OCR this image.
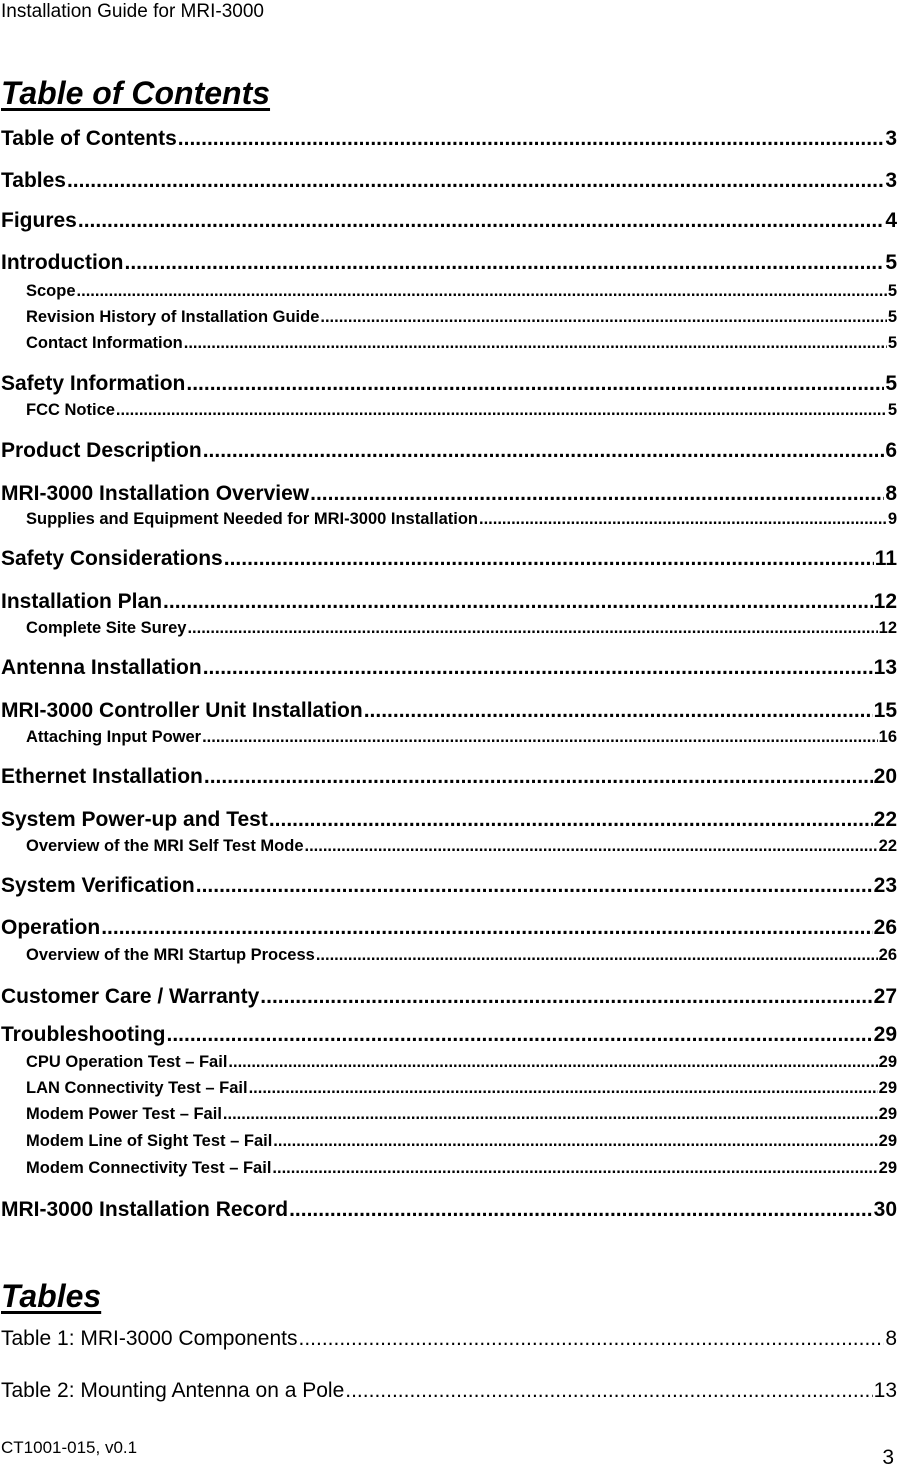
Installation Guide for MRI-3000
Table of Contents
Table of Contents .....	3
Tables .....	3
Figures .....	4
Introduction .....	5
Scope .....	5
Revision History of Installation Guide .....	5
Contact Information .....	5
Safety Information .....	5
FCC Notice .....	5
Product Description .....	6
MRI-3000 Installation Overview .....	8
Supplies and Equipment Needed for MRI-3000 Installation .....	9
Safety Considerations .....	11
Installation Plan .....	12
Complete Site Surey .....	12
Antenna Installation .....	13
MRI-3000 Controller Unit Installation .....	15
Attaching Input Power .....	16
Ethernet Installation .....	20
System Power-up and Test .....	22
Overview of the MRI Self Test Mode .....	22
System Verification .....	23
Operation .....	26
Overview of the MRI Startup Process .....	26
Customer Care / Warranty .....	27
Troubleshooting .....	29
CPU Operation Test – Fail .....	29
LAN Connectivity Test – Fail .....	29
Modem Power Test – Fail .....	29
Modem Line of Sight Test – Fail .....	29
Modem Connectivity Test – Fail .....	29
MRI-3000 Installation Record .....	30
Tables
Table 1: MRI-3000 Components .....	8
Table 2: Mounting Antenna on a Pole .....	13
CT1001-015, v0.1	3
